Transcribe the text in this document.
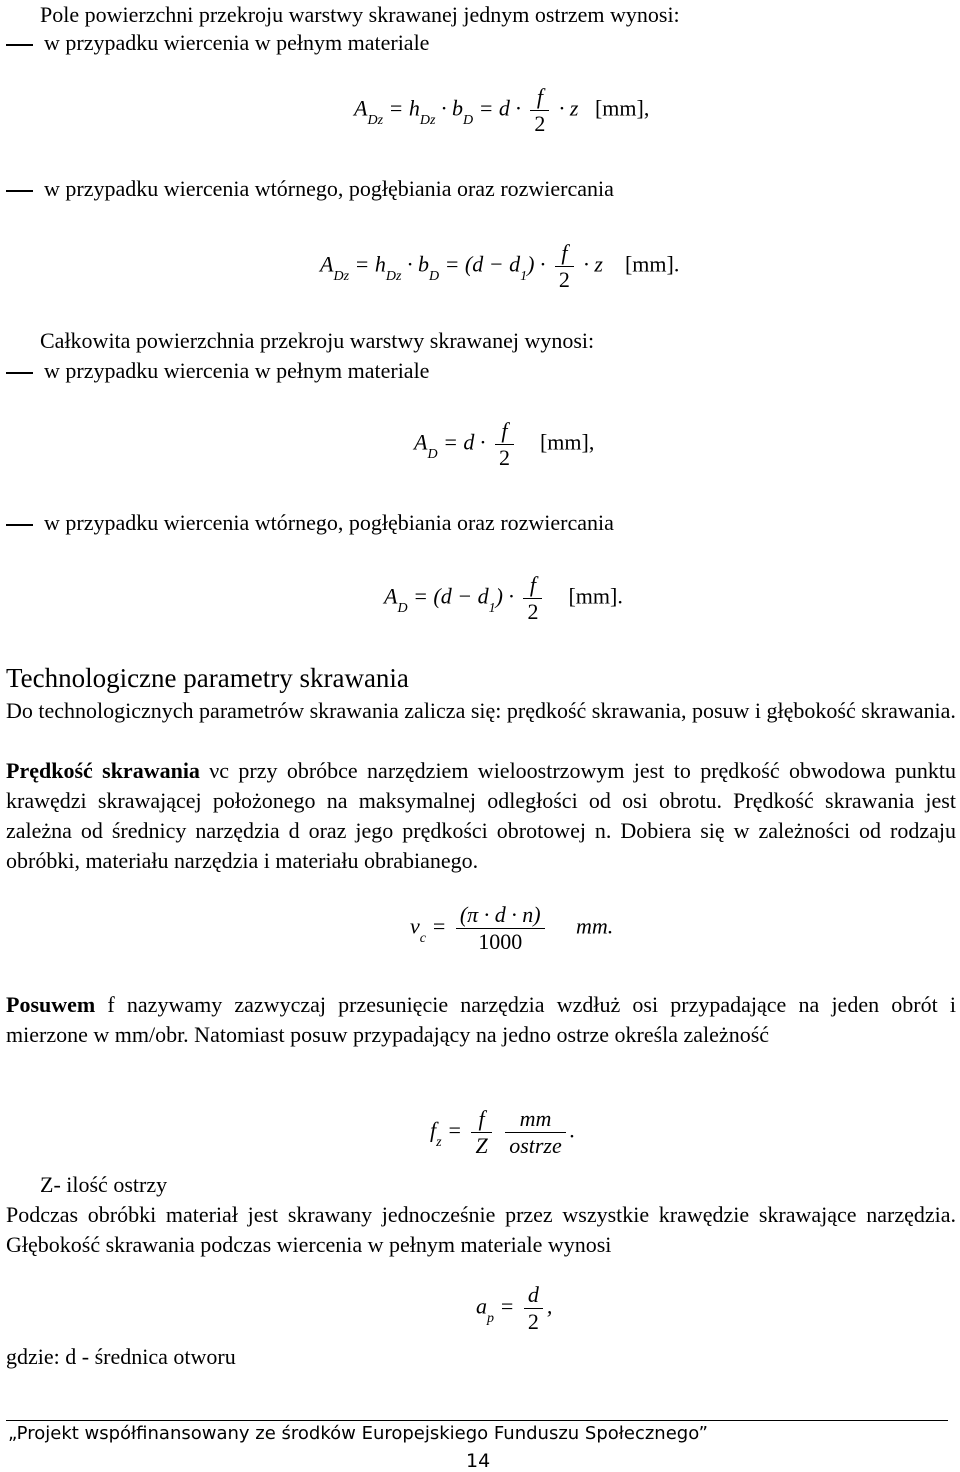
Pole powierzchni przekroju warstwy skrawanej jednym ostrzem wynosi:
w przypadku wiercenia w pełnym materiale
$A_{Dz} = h_{Dz} \cdot b_D = d \cdot \frac{f}{2} \cdot z$   [mm],
w przypadku wiercenia wtórnego, pogłębiania oraz rozwiercania
$A_{Dz} = h_{Dz} \cdot b_D = (d - d_1) \cdot \frac{f}{2} \cdot z$    [mm].
Całkowita powierzchnia przekroju warstwy skrawanej wynosi:
w przypadku wiercenia w pełnym materiale
$A_D = d \cdot \frac{f}{2} [mm]$,
w przypadku wiercenia wtórnego, pogłębiania oraz rozwiercania
$A_D = (d - d_1) \cdot \frac{f}{2} [mm]$.
Technologiczne parametry skrawania
Do technologicznych parametrów skrawania zalicza się: prędkość skrawania, posuw i głębokość skrawania.
Prędkość skrawania νc przy obróbce narzędziem wieloostrzowym jest to prędkość obwodowa punktu krawędzi skrawającej położonego na maksymalnej odległości od osi obrotu. Prędkość skrawania jest zależna od średnicy narzędzia d oraz jego prędkości obrotowej n. Dobiera się w zależności od rodzaju obróbki, materiału narzędzia i materiału obrabianego.
$v_c = \frac{(\pi \cdot d \cdot n)}{1000}$ mm.
Posuwem f nazywamy zazwyczaj przesunięcie narzędzia wzdłuż osi przypadające na jeden obrót i mierzone w mm/obr. Natomiast posuw przypadający na jedno ostrze określa zależność
$f_z = \frac{f}{Z}$
$\frac{mm}{\text{ostrze}}$ .
Z- ilość ostrzy
Podczas obróbki materiał jest skrawany jednocześnie przez wszystkie krawędzie skrawające narzędzia. Głębokość skrawania podczas wiercenia w pełnym materiale wynosi
$a_p = \frac{d}{2}$ ,
gdzie: d - średnica otworu
„Projekt współfinansowany ze środków Europejskiego Funduszu Społecznego”
14
